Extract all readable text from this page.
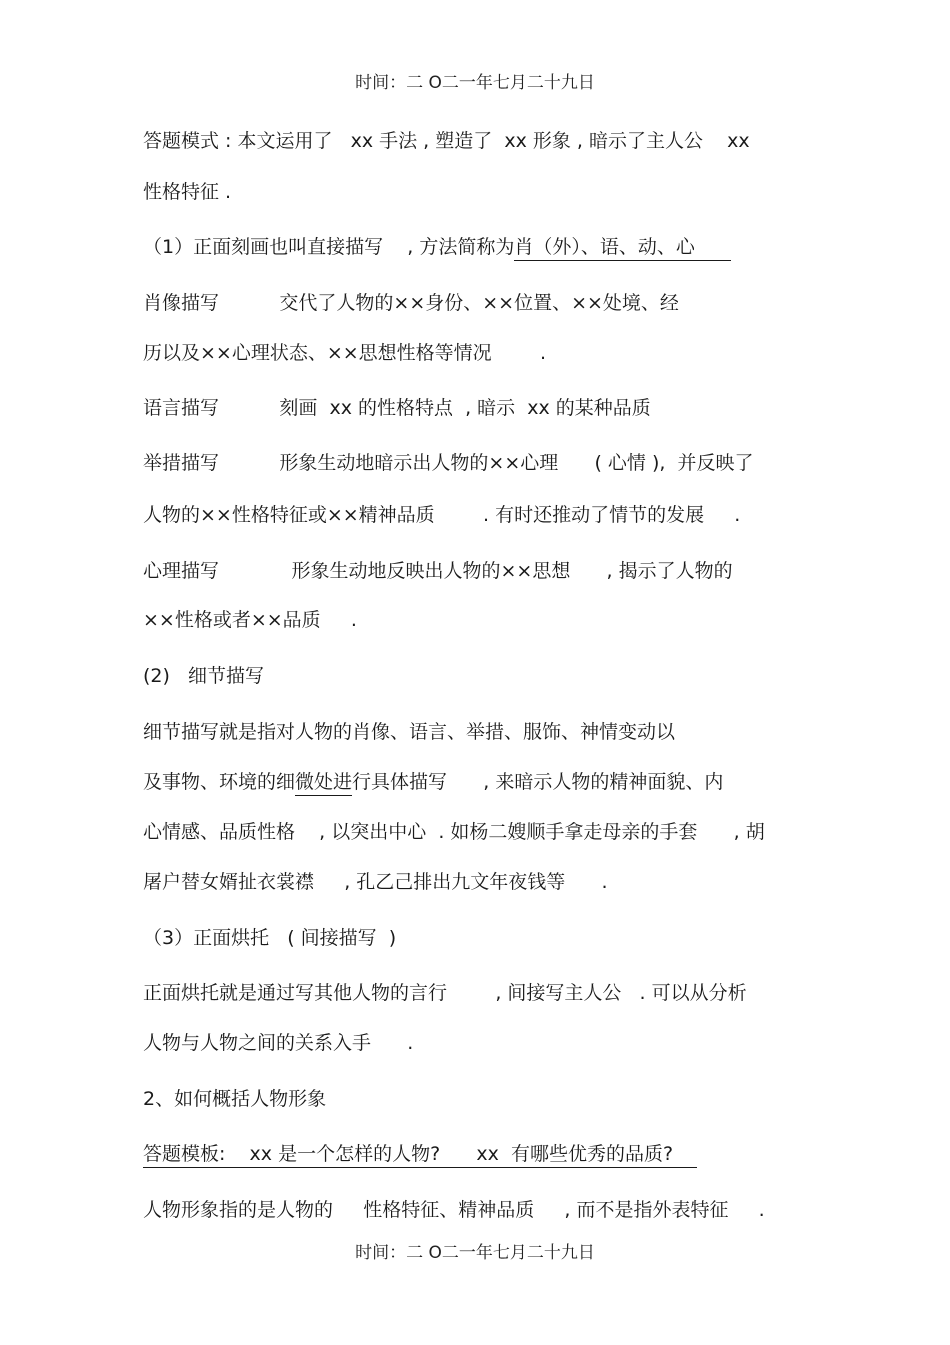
时间：二 O二一年七月二十九日

答题模式 : 本文运用了   xx 手法 , 塑造了  xx 形象 , 暗示了主人公    xx

性格特征 .

（1）正面刻画也叫直接描写    , 方法简称为肖（外）、语、动、心

肖像描写          交代了人物的××身份、××位置、××处境、经

历以及××心理状态、××思想性格等情况        .

语言描写          刻画  xx 的性格特点  , 暗示  xx 的某种品质

举措描写          形象生动地暗示出人物的××心理      ( 心情 ),  并反映了

人物的××性格特征或××精神品质        . 有时还推动了情节的发展     .

心理描写            形象生动地反映出人物的××思想      , 揭示了人物的

××性格或者××品质     .

(2)   细节描写

细节描写就是指对人物的肖像、语言、举措、服饰、神情变动以

及事物、环境的细微处进行具体描写      , 来暗示人物的精神面貌、内

心情感、品质性格    , 以突出中心  . 如杨二嫂顺手拿走母亲的手套      , 胡

屠户替女婿扯衣裳襟     , 孔乙己排出九文年夜钱等      .

（3）正面烘托   ( 间接描写  )

正面烘托就是通过写其他人物的言行        , 间接写主人公   . 可以从分析

人物与人物之间的关系入手      .

2、如何概括人物形象

答题模板:    xx 是一个怎样的人物?      xx  有哪些优秀的品质?

人物形象指的是人物的     性格特征、精神品质     , 而不是指外表特征     .

时间：二 O二一年七月二十九日
